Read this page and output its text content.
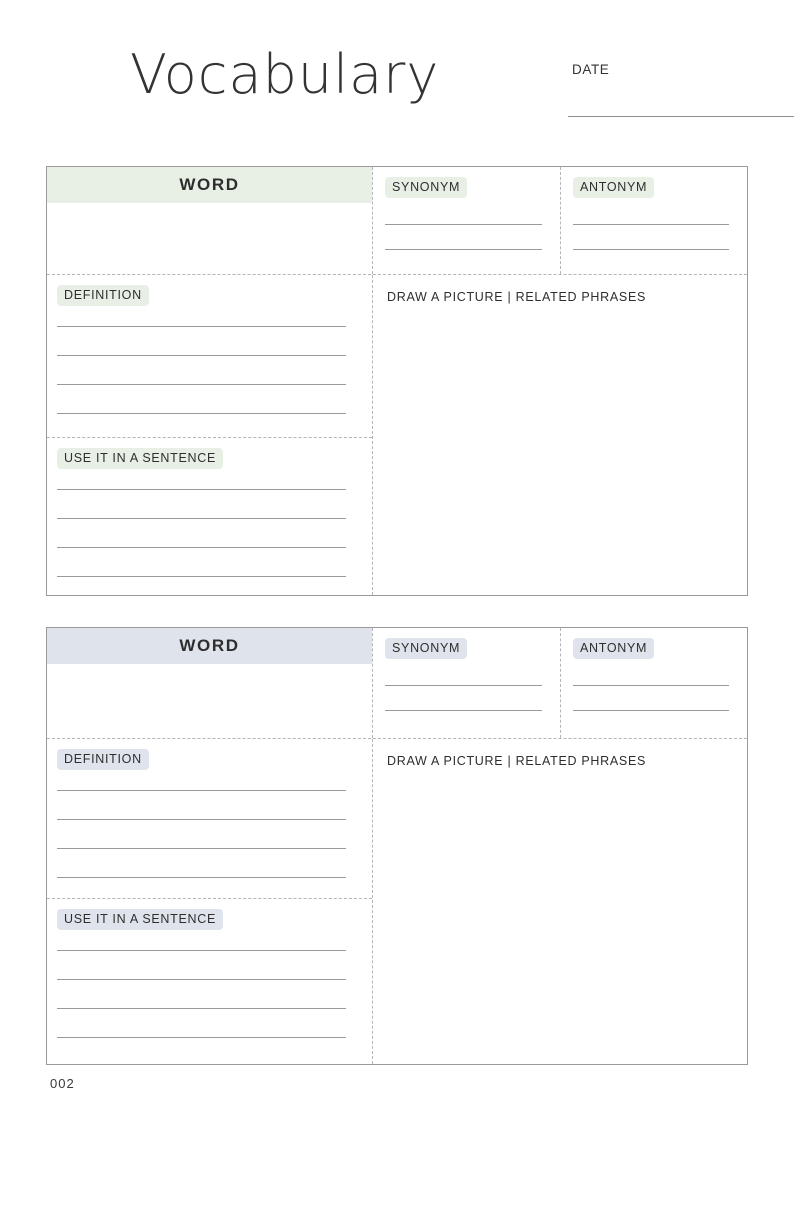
Vocabulary	DATE
WORD	SYNONYM	ANTONYM
DEFINITION
USE IT IN A SENTENCE
DRAW A PICTURE | RELATED PHRASES
WORD	SYNONYM	ANTONYM
DEFINITION
USE IT IN A SENTENCE
DRAW A PICTURE | RELATED PHRASES
002
